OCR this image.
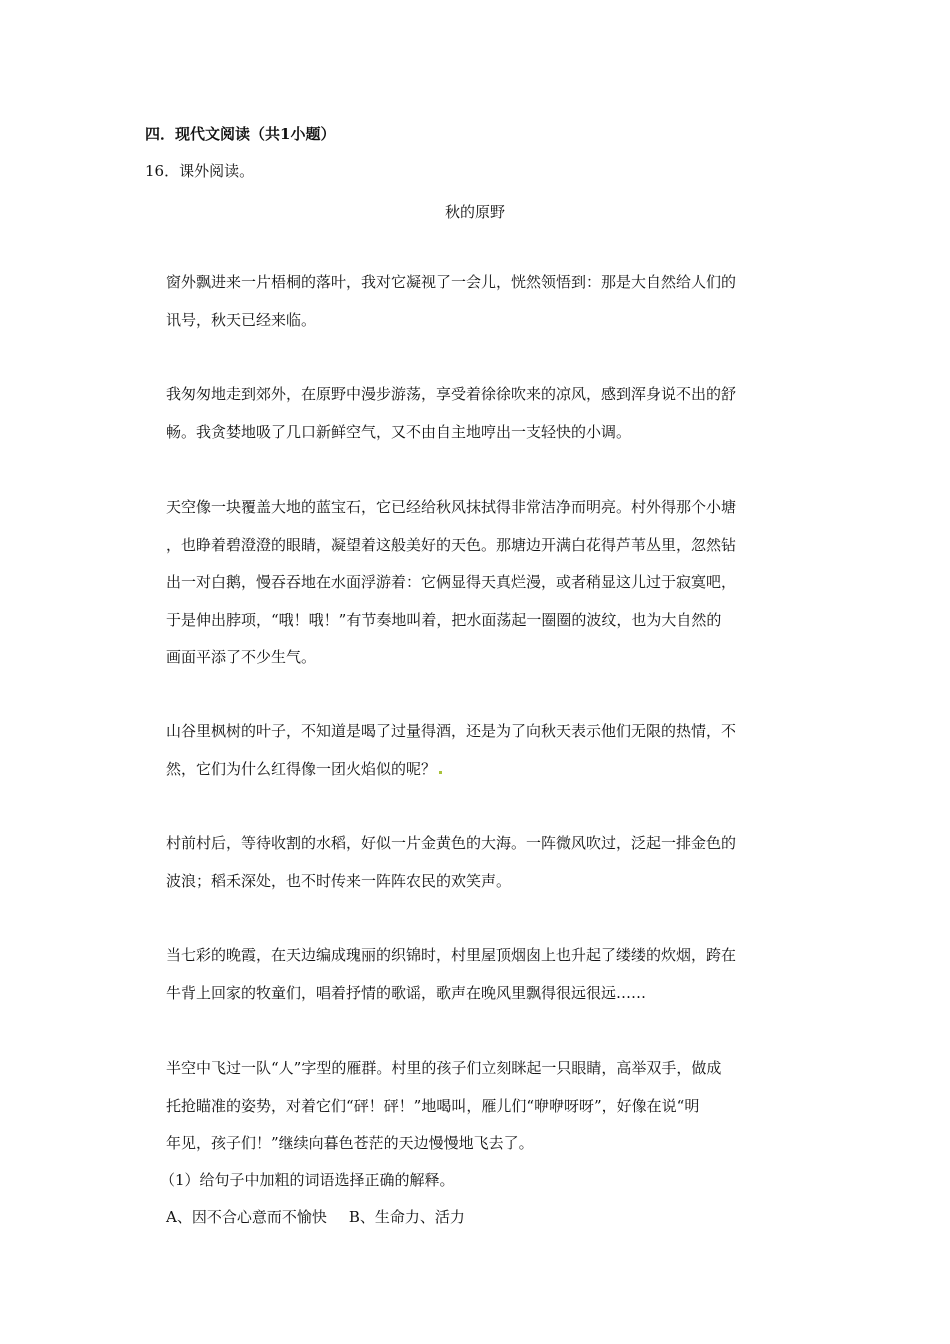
四．现代文阅读（共1小题）
16．课外阅读。
秋的原野
窗外飘进来一片梧桐的落叶，我对它凝视了一会儿，恍然领悟到：那是大自然给人们的
讯号，秋天已经来临。
我匆匆地走到郊外，在原野中漫步游荡，享受着徐徐吹来的凉风，感到浑身说不出的舒
畅。我贪婪地吸了几口新鲜空气，又不由自主地哼出一支轻快的小调。
天空像一块覆盖大地的蓝宝石，它已经给秋风抹拭得非常洁净而明亮。村外得那个小塘
，也睁着碧澄澄的眼睛，凝望着这般美好的天色。那塘边开满白花得芦苇丛里，忽然钻
出一对白鹅，慢吞吞地在水面浮游着：它俩显得天真烂漫，或者稍显这儿过于寂寞吧，
于是伸出脖项，“哦！哦！”有节奏地叫着，把水面荡起一圈圈的波纹，也为大自然的
画面平添了不少生气。
山谷里枫树的叶子，不知道是喝了过量得酒，还是为了向秋天表示他们无限的热情，不
然，它们为什么红得像一团火焰似的呢？
村前村后，等待收割的水稻，好似一片金黄色的大海。一阵微风吹过，泛起一排金色的
波浪；稻禾深处，也不时传来一阵阵农民的欢笑声。
当七彩的晚霞，在天边编成瑰丽的织锦时，村里屋顶烟囱上也升起了缕缕的炊烟，跨在
牛背上回家的牧童们，唱着抒情的歌谣，歌声在晚风里飘得很远很远……
半空中飞过一队“人”字型的雁群。村里的孩子们立刻眯起一只眼睛，高举双手，做成
托抢瞄准的姿势，对着它们“砰！砰！”地喝叫，雁儿们“咿咿呀呀”，好像在说“明
年见，孩子们！”继续向暮色苍茫的天边慢慢地飞去了。
（1）给句子中加粗的词语选择正确的解释。
A、因不合心意而不愉快 B、生命力、活力
